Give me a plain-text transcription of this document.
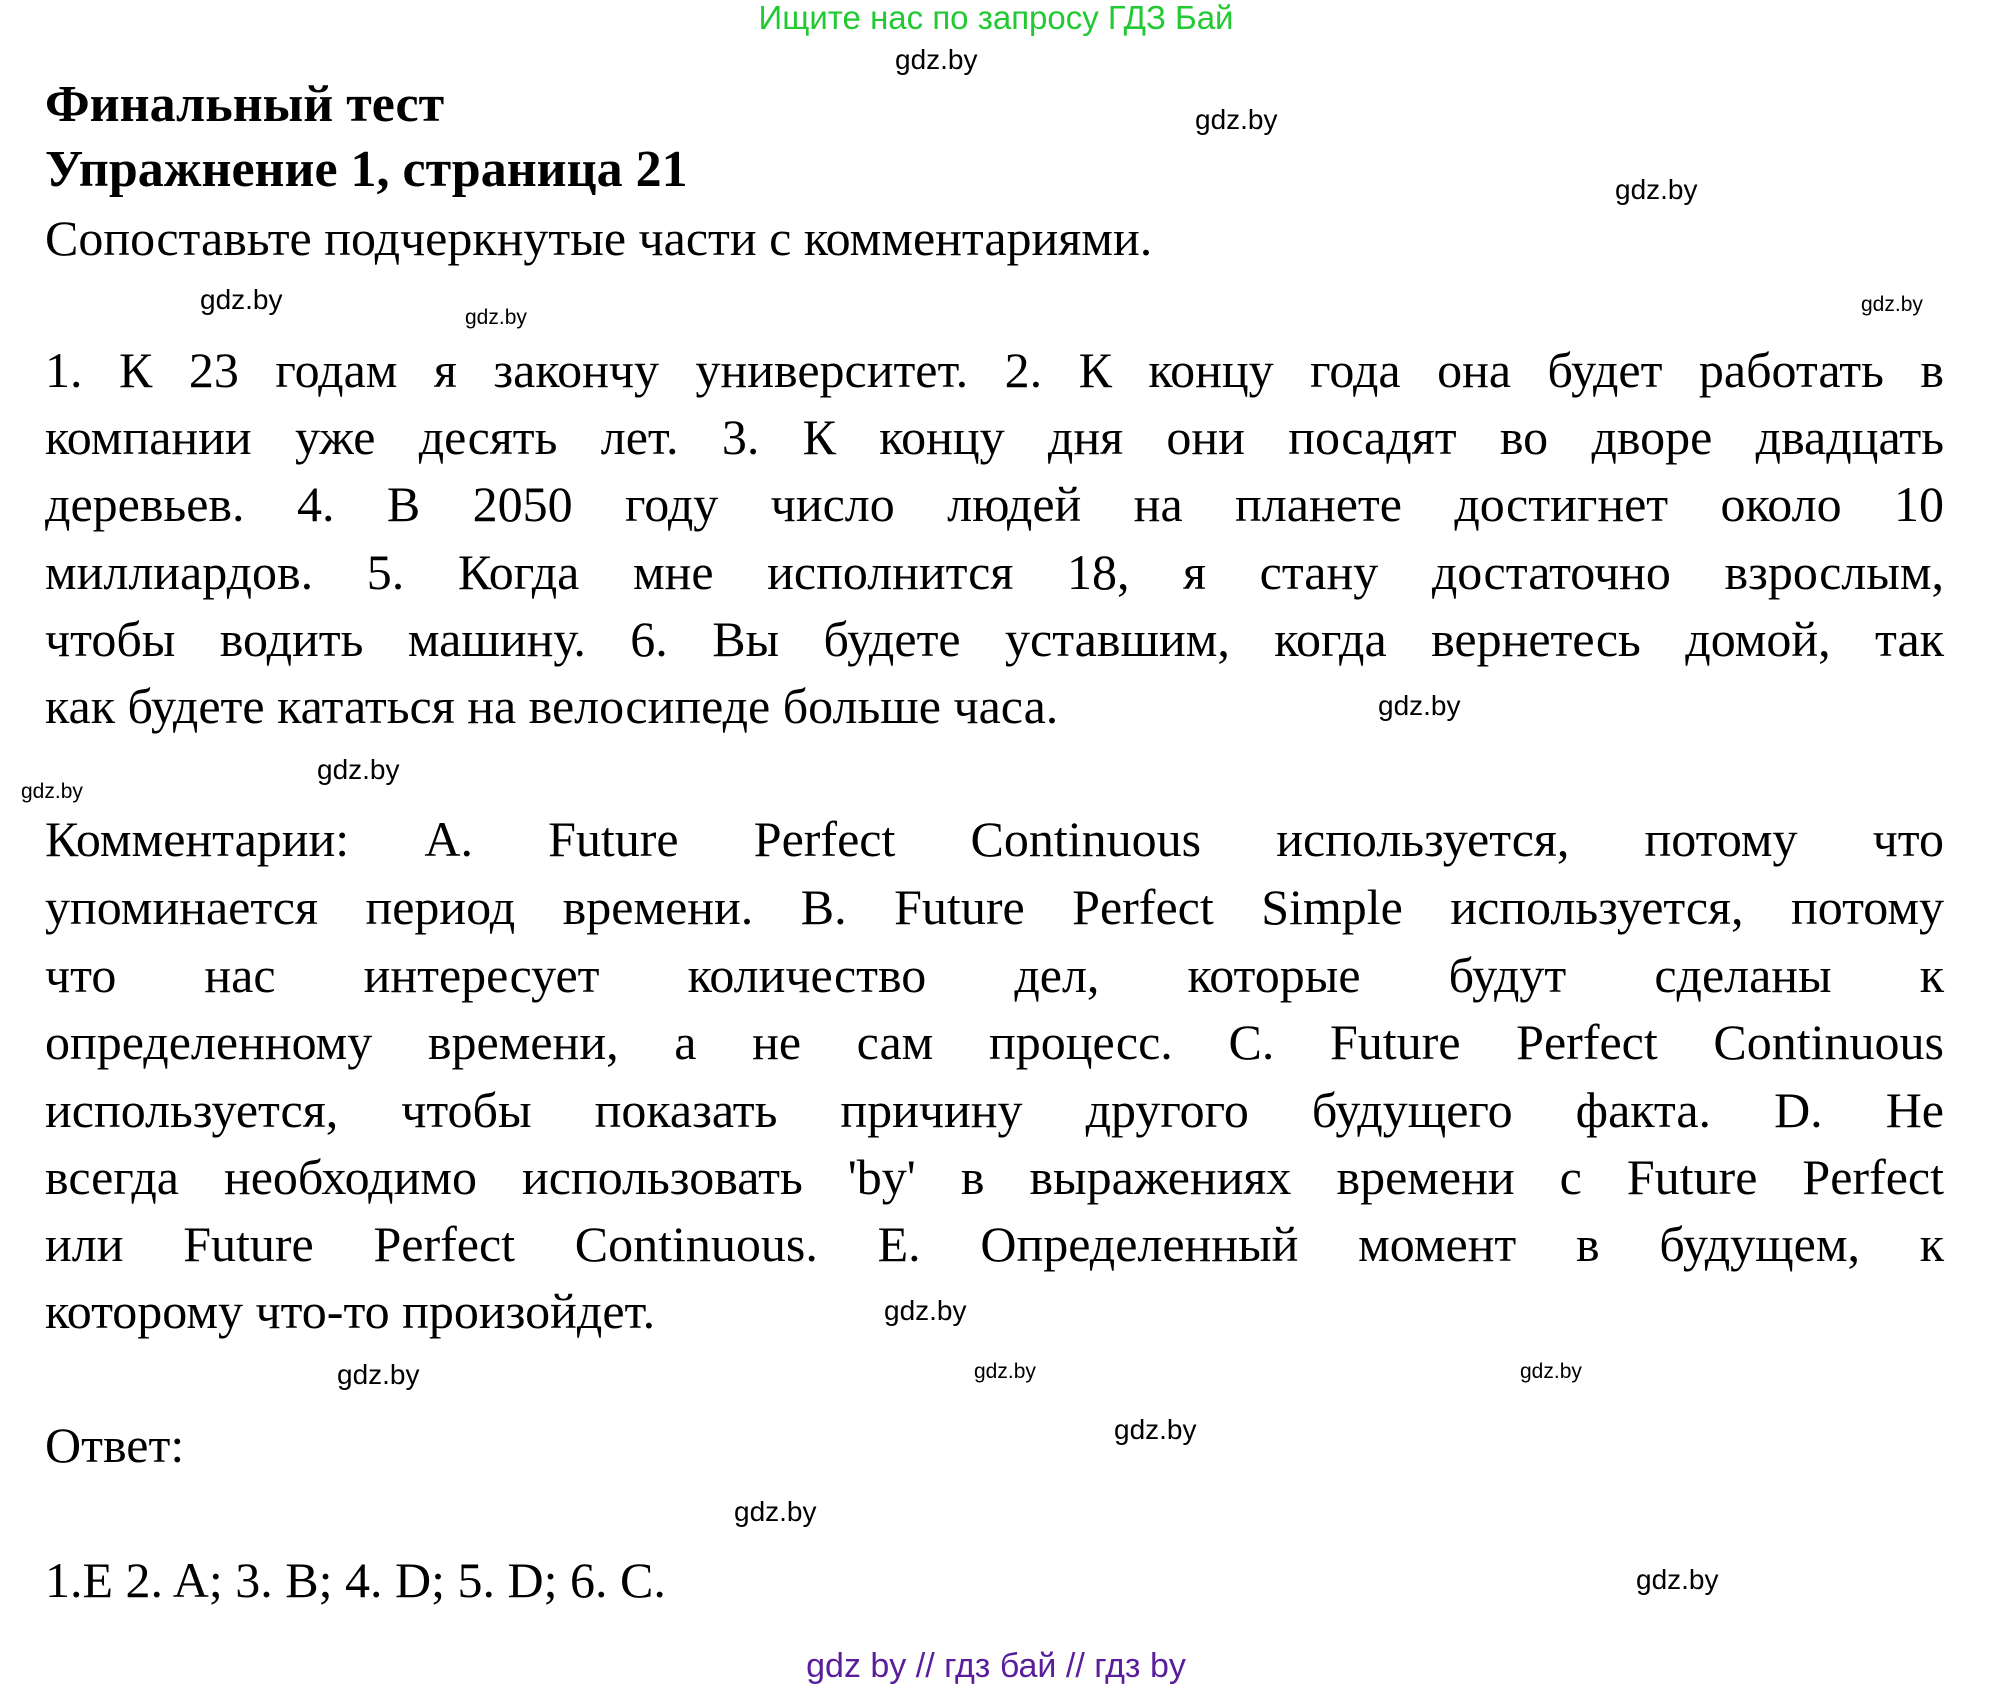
Ищите нас по запросу ГДЗ Бай
Финальный тест
Упражнение 1, страница 21
Сопоставьте подчеркнутые части с комментариями.
1. К 23 годам я закончу университет. 2. К концу года она будет работать в
компании уже десять лет. 3. К концу дня они посадят во дворе двадцать
деревьев. 4. В 2050 году число людей на планете достигнет около 10
миллиардов. 5. Когда мне исполнится 18, я стану достаточно взрослым,
чтобы водить машину. 6. Вы будете уставшим, когда вернетесь домой, так
как будете кататься на велосипеде больше часа.
Комментарии: A. Future Perfect Continuous используется, потому что
упоминается период времени. B. Future Perfect Simple используется, потому
что нас интересует количество дел, которые будут сделаны к
определенному времени, а не сам процесс. C. Future Perfect Continuous
используется, чтобы показать причину другого будущего факта. D. Не
всегда необходимо использовать 'by' в выражениях времени с Future Perfect
или Future Perfect Continuous. E. Определенный момент в будущем, к
которому что-то произойдет.
Ответ:
1.E 2. A; 3. B; 4. D; 5. D; 6. C.
gdz.by
gdz.by
gdz.by
gdz.by	gdz.by
gdz.by
gdz.by
gdz.by
gdz.by
gdz.by	gdz.by
gdz.by
gdz.by
gdz.by
gdz.by
gdz.by
gdz by // гдз бай // гдз by
